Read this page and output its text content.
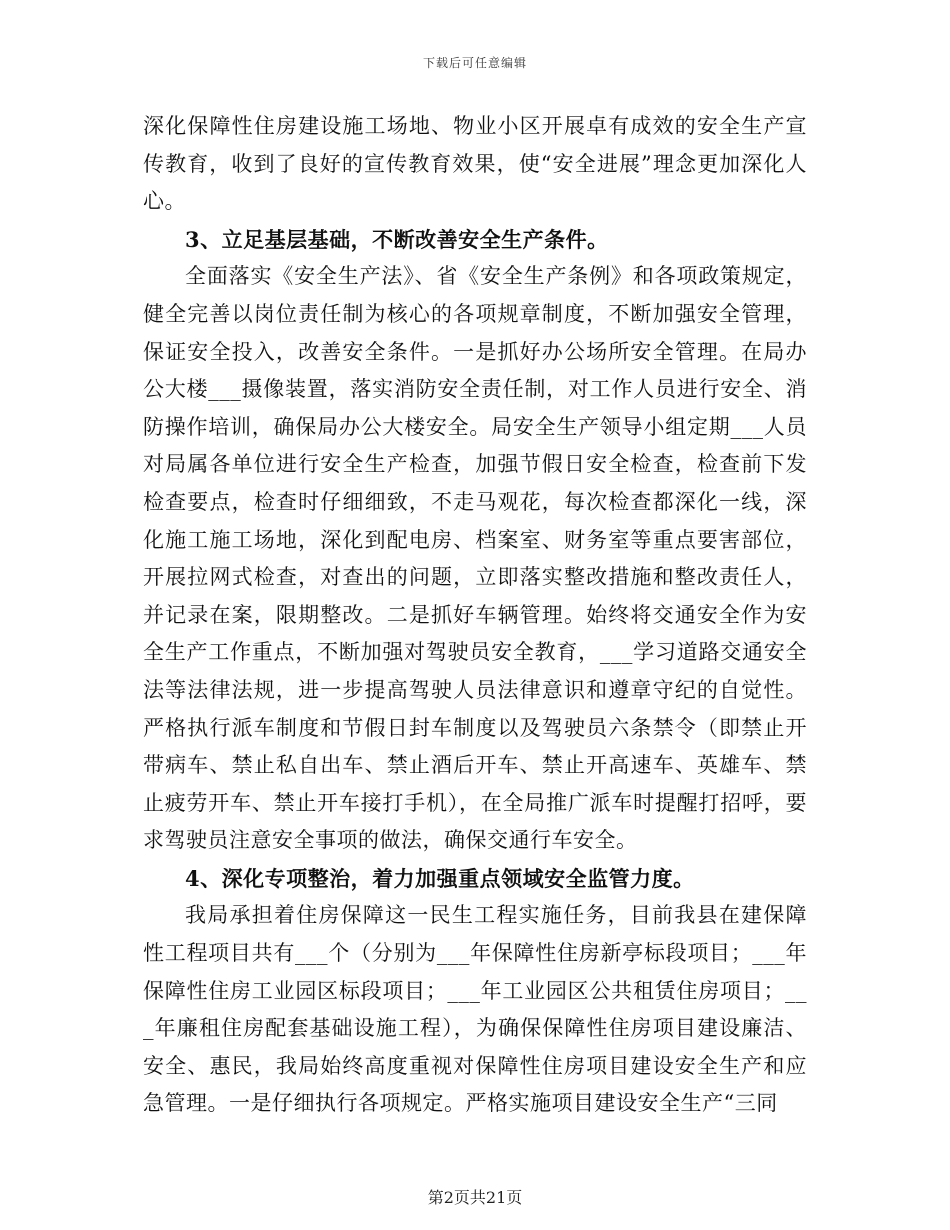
下载后可任意编辑

深化保障性住房建设施工场地、物业小区开展卓有成效的安全生产宣传教育，收到了良好的宣传教育效果，使“安全进展”理念更加深化人心。

3、立足基层基础，不断改善安全生产条件。

全面落实《安全生产法》、省《安全生产条例》和各项政策规定，健全完善以岗位责任制为核心的各项规章制度，不断加强安全管理，保证安全投入，改善安全条件。一是抓好办公场所安全管理。在局办公大楼___摄像装置，落实消防安全责任制，对工作人员进行安全、消防操作培训，确保局办公大楼安全。局安全生产领导小组定期___人员对局属各单位进行安全生产检查，加强节假日安全检查，检查前下发检查要点，检查时仔细细致，不走马观花，每次检查都深化一线，深化施工施工场地，深化到配电房、档案室、财务室等重点要害部位，开展拉网式检查，对查出的问题，立即落实整改措施和整改责任人，并记录在案，限期整改。二是抓好车辆管理。始终将交通安全作为安全生产工作重点，不断加强对驾驶员安全教育，___学习道路交通安全法等法律法规，进一步提高驾驶人员法律意识和遵章守纪的自觉性。严格执行派车制度和节假日封车制度以及驾驶员六条禁令（即禁止开带病车、禁止私自出车、禁止酒后开车、禁止开高速车、英雄车、禁止疲劳开车、禁止开车接打手机），在全局推广派车时提醒打招呼，要求驾驶员注意安全事项的做法，确保交通行车安全。

4、深化专项整治，着力加强重点领域安全监管力度。

我局承担着住房保障这一民生工程实施任务，目前我县在建保障性工程项目共有___个（分别为___年保障性住房新亭标段项目；___年保障性住房工业园区标段项目；___年工业园区公共租赁住房项目；___年廉租住房配套基础设施工程），为确保保障性住房项目建设廉洁、安全、惠民，我局始终高度重视对保障性住房项目建设安全生产和应急管理。一是仔细执行各项规定。严格实施项目建设安全生产“三同

第2页共21页
